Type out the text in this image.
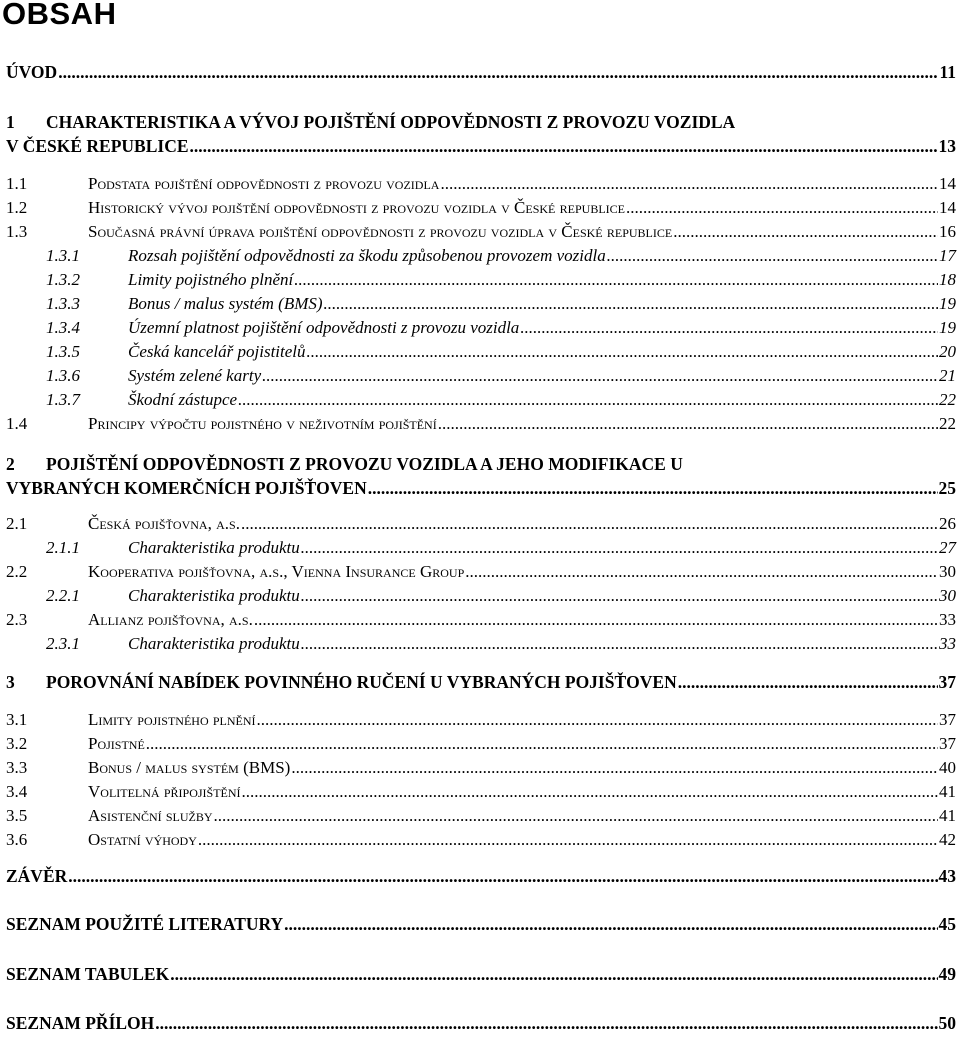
OBSAH
ÚVOD .....	11
1	CHARAKTERISTIKA A VÝVOJ POJIŠTĚNÍ ODPOVĚDNOSTI Z PROVOZU VOZIDLA
V ČESKÉ REPUBLICE .....	13
1.1	Podstata pojištění odpovědnosti z provozu vozidla .....	14
1.2	Historický vývoj pojištění odpovědnosti z provozu vozidla v České republice .....	14
1.3	Současná právní úprava pojištění odpovědnosti z provozu vozidla v České republice .....	16
1.3.1	Rozsah pojištění odpovědnosti za škodu způsobenou provozem vozidla .....	17
1.3.2	Limity pojistného plnění .....	18
1.3.3	Bonus / malus systém (BMS) .....	19
1.3.4	Územní platnost pojištění odpovědnosti z provozu vozidla .....	19
1.3.5	Česká kancelář pojistitelů .....	20
1.3.6	Systém zelené karty .....	21
1.3.7	Škodní zástupce .....	22
1.4	Principy výpočtu pojistného v neživotním pojištění .....	22
2	POJIŠTĚNÍ ODPOVĚDNOSTI Z PROVOZU VOZIDLA A JEHO MODIFIKACE U
VYBRANÝCH KOMERČNÍCH POJIŠŤOVEN .....	25
2.1	Česká pojišťovna, a.s. .....	26
2.1.1	Charakteristika produktu .....	27
2.2	Kooperativa pojišťovna, a.s., Vienna Insurance Group .....	30
2.2.1	Charakteristika produktu .....	30
2.3	Allianz pojišťovna, a.s. .....	33
2.3.1	Charakteristika produktu .....	33
3	POROVNÁNÍ NABÍDEK POVINNÉHO RUČENÍ U VYBRANÝCH POJIŠŤOVEN .....	37
3.1	Limity pojistného plnění .....	37
3.2	Pojistné .....	37
3.3	Bonus / malus systém (BMS) .....	40
3.4	Volitelná připojištění .....	41
3.5	Asistenční služby .....	41
3.6	Ostatní výhody .....	42
ZÁVĚR .....	43
SEZNAM POUŽITÉ LITERATURY .....	45
SEZNAM TABULEK .....	49
SEZNAM PŘÍLOH .....	50
